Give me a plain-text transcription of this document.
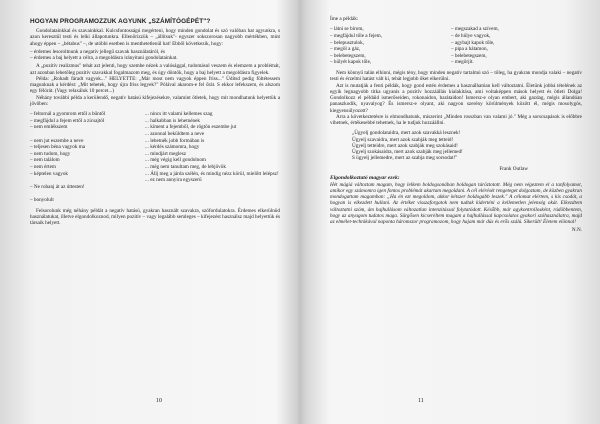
HOGYAN PROGRAMOZZUK AGYUNK „SZÁMÍTÓGÉPÉT"?

Gondolatainkkal és szavainkkal. Kulcsfontosságú megérteni, hogy minden gondolat és szó valóban hat agyunkra, s azon keresztül testi és lelki állapotunkra. Ellenőrizzük – „állítsuk"- egyszer sokszorosan nagyobb mértékben, mint ahogy éppen – „bétabus" –, de utóbbi esetben is menthetetlenül hat! Ebből következik, hogy:

– érdemes lesoroltnunk a negatív jellegű szavak használatáról, és
– érdemes a baj helyett a célra, a megoldásra irányítani gondolatainkat.

A „pozitív realizmus" tehát azt jelenti, hogy szembe nézek a valósággal, tudomásul veszem és elemzem a problémát, azt azonban lehetőleg pozitív szavakkal fogalmazom meg, és úgy döntök, hogy a baj helyett a megoldásra figyelek.

Példa: „Rohadt fáradt vagyok..." HELYETTE: „Már most nem vagyok éppen friss..." Üdítsd pedig föltétessem magunknak a kérdést: „Mit tehetek, hogy újra friss legyek?" Pólával akarom-e fel őrát. S ekkor lefekszem, és alszom egy félórát. (Vagy relaxálok 10 percet...)

Néhány további példa a kerülendő, negatív hatású kifejezésekre, valamint ötletek, hogy mit mondhatunk helyettük a jövőben:

– feltornál a gyomrom ettől a bűntől
– megfájdul a fejem ettől a zicsajtól
– nem emlékszem

– nem jut eszembe a neve
– teljesen béna vagyok ma
– nem tudom, hogy
– nem találom
– nem értem
– képtelen vagyok

– Ne rohanj át az úttesten!

– bonyolult
... nincs itt valami kellemes szag
... halkabban is lehetnének
... kiment a fejemből, de rögtön eszembe jut
... azonnal beküldtem a neve
... lehetnék jobb formában is
... kérdés számomra, hogy
... mindjárt meglesz
... még végig kell gondolnom
... még nem tanultam meg, de lebjövök
... Állj meg a járda szélén, és mindig nézz körül, mielőtt lelépsz!
... ez nem annyira egyszerű

Felsorolunk még néhány példát a negatív hatású, gyakran használt szavakra, szófordulatokra. Érdemes elkerülnöd használatukat, illetve elgondolkoznod, milyen pozitív – vagy legalább semleges – kifejezést használsz majd helyettük és társaik helyett.

10

Íme a példák:

– látni se bírom,
– megfájdul tőle a fejem,
– belepusztulok,
– megöl a gáz,
– belebetegszem,
– hülyét kapok tőle,
– megszakad a szívem,
– de hülye vagyok,
– agybajt kapok tőle,
– pipa a hátamon,
– belebetegszem,
– megőrjít.

Nem könnyű talán elhinni, mégis tény, hogy minden negatív tartalmú szó – tőleg, ha gyakran mondja valaki – negatív testi és érzelmi hatást vált ki, tehát legjobb őket elkerülni.

Azt is mutatják a fenti példák, hogy gond estén érdemes a használhatóan kell változtatni. Életünk jobbá tételének az egyik legnagyobb titka ugyanis a pozitív hozzáállás kialakítása, ami voltaképpen mások helyett és ötleti Dolga! Gondolkozz el példáid ismerőseiden, rokonaidon, barátaidon! Ismersz-e olyan embert, aki gazdag, mégis állandóan panaszkodik, nyavalyog? És ismersz-e olyant, aki nagyon szerény körülmények között él, mégis mosolygós, kiegyensúlyozott?

Arra a következtetésre is elmondhatunk, miszerint „Minden rosszban van valami jó." Még a sorscsapások is előbbre vihetnek, értékesebbé tehetnek, ha le tudjuk hozzáállni.

„Ügyelj gondolataidra, mert azok szavakká lesznek!

Ügyelj szavaidra, mert azok szabják meg tetteid!

Ügyelj tetteidre, mert azok szabják meg szokásaid!

Ügyelj szokásaidra, mert azok szabják meg jellemed!

S ügyelj jellemedre, mert az szabja meg sorsodat!"

Frank Outlaw
Elgondolkoztató magyar ezek:

Hét mágiá változtam magam, hogy lelkem boldogsonában boldogan túröztotott. Még nem végeztem el a tanfolyamot, amikor egy számomra igen fontos problémát akartam megoldani. A cél elérését rengeteget dolgoztam, de közben gyakran mondogattam magamban: „Ha én ezt megoldom, akkor kétszer boldogabb leszek." A célomat elértem, s kis csodát, a hogyan is elkezdett hullani. Az értéket visszaforgatok nem tudtak kiderténi a kellemetlen jelenség okát. Elkezdtem változtatni szóm, ám hajhullásom változatlan intenzitással folytatódott. Később, már agykontrollosként, rádöbbentem, hogy az anyagom tudatos maga. Sürgősen kicseréltem magam a hajhullással kapcsolatos gyakori szóhasználatra, majd az elmélet-technikával naponta háromszor programozom, hogy hajam már dús és erős szálú. Sikerült! Életem elönnal!

N.N.
11
